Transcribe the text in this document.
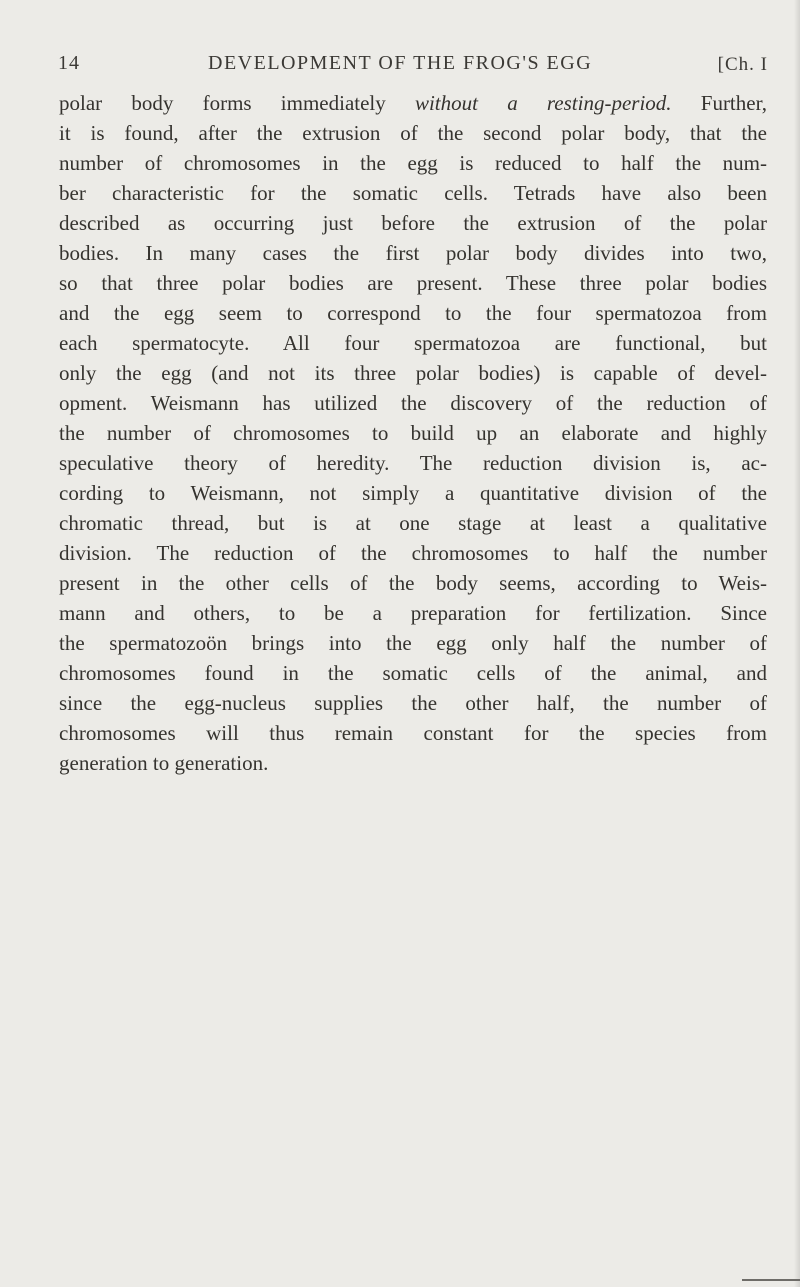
14	DEVELOPMENT OF THE FROG'S EGG	[Ch. I
polar body forms immediately without a resting-period. Further,
it is found, after the extrusion of the second polar body, that the
number of chromosomes in the egg is reduced to half the num-
ber characteristic for the somatic cells. Tetrads have also been
described as occurring just before the extrusion of the polar
bodies. In many cases the first polar body divides into two,
so that three polar bodies are present. These three polar bodies
and the egg seem to correspond to the four spermatozoa from
each spermatocyte. All four spermatozoa are functional, but
only the egg (and not its three polar bodies) is capable of devel-
opment. Weismann has utilized the discovery of the reduction of
the number of chromosomes to build up an elaborate and highly
speculative theory of heredity. The reduction division is, ac-
cording to Weismann, not simply a quantitative division of the
chromatic thread, but is at one stage at least a qualitative
division. The reduction of the chromosomes to half the number
present in the other cells of the body seems, according to Weis-
mann and others, to be a preparation for fertilization. Since
the spermatozoön brings into the egg only half the number of
chromosomes found in the somatic cells of the animal, and
since the egg-nucleus supplies the other half, the number of
chromosomes will thus remain constant for the species from
generation to generation.
